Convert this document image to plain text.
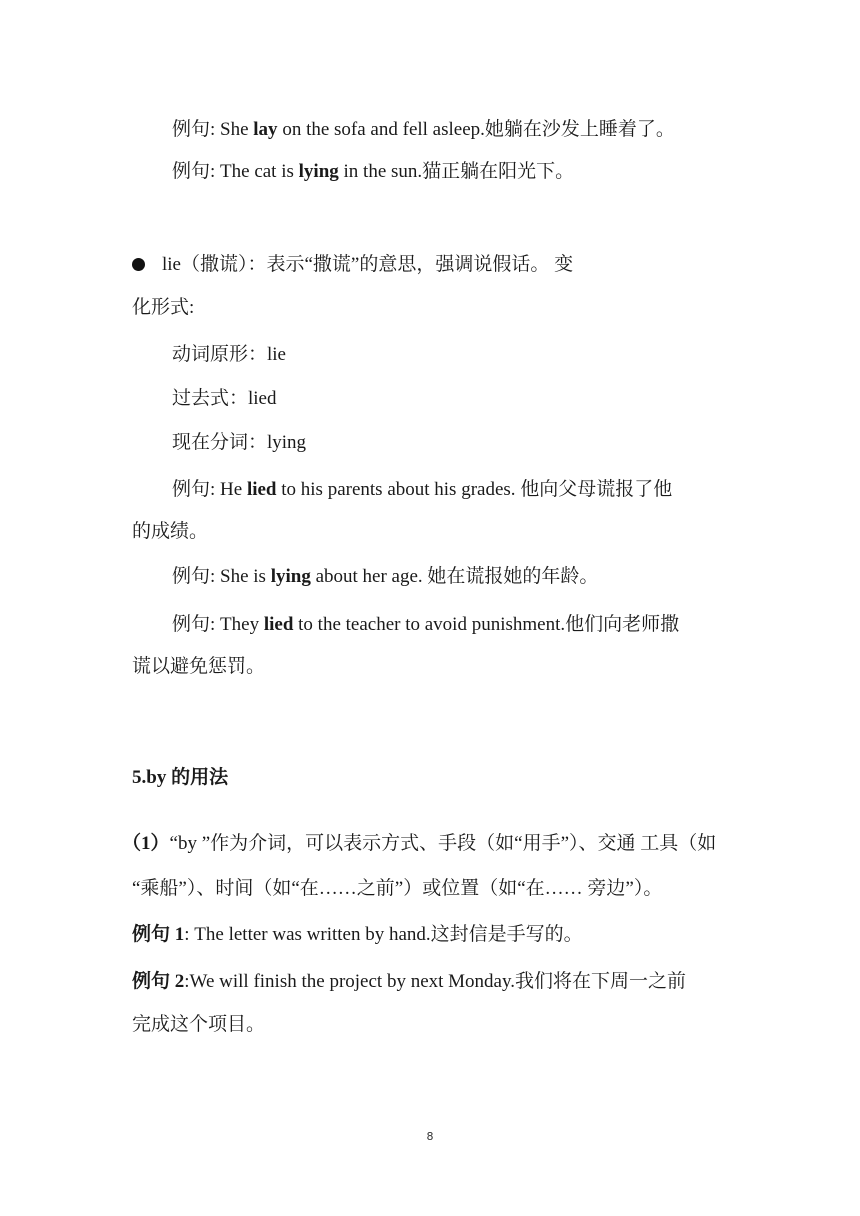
例句: She lay on the sofa and fell asleep.她躺在沙发上睡着了。
例句: The cat is lying in the sun.猫正躺在阳光下。
lie（撒谎）：表示“撒谎”的意思，强调说假话。 变
化形式:
动词原形：lie
过去式：lied
现在分词：lying
例句: He lied to his parents about his grades. 他向父母谎报了他
的成绩。
例句: She is lying about her age. 她在谎报她的年龄。
例句: They lied to the teacher to avoid punishment.他们向老师撒
谎以避免惩罚。
5.by 的用法
（1）“by ”作为介词，可以表示方式、手段（如“用手”）、交通 工具（如
“乘船”）、时间（如“在……之前”）或位置（如“在…… 旁边”）。
例句 1: The letter was written by hand.这封信是手写的。
例句 2:We will finish the project by next Monday.我们将在下周一之前
完成这个项目。
8
